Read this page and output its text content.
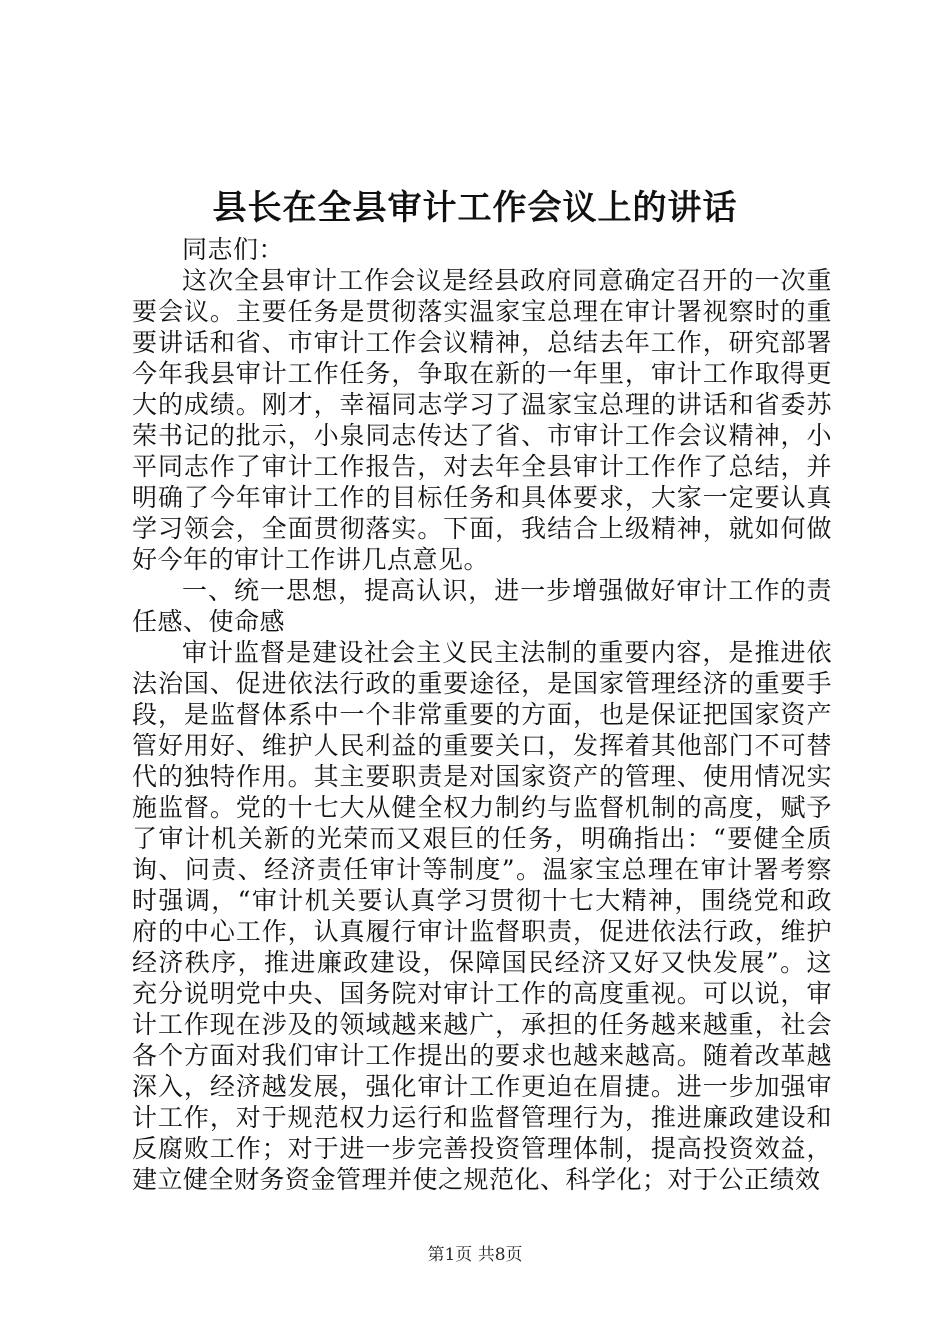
县长在全县审计工作会议上的讲话

同志们：

这次全县审计工作会议是经县政府同意确定召开的一次重要会议。主要任务是贯彻落实温家宝总理在审计署视察时的重要讲话和省、市审计工作会议精神，总结去年工作，研究部署今年我县审计工作任务，争取在新的一年里，审计工作取得更大的成绩。刚才，幸福同志学习了温家宝总理的讲话和省委苏荣书记的批示，小泉同志传达了省、市审计工作会议精神，小平同志作了审计工作报告，对去年全县审计工作作了总结，并明确了今年审计工作的目标任务和具体要求，大家一定要认真学习领会，全面贯彻落实。下面，我结合上级精神，就如何做好今年的审计工作讲几点意见。

一、统一思想，提高认识，进一步增强做好审计工作的责任感、使命感

审计监督是建设社会主义民主法制的重要内容，是推进依法治国、促进依法行政的重要途径，是国家管理经济的重要手段，是监督体系中一个非常重要的方面，也是保证把国家资产管好用好、维护人民利益的重要关口，发挥着其他部门不可替代的独特作用。其主要职责是对国家资产的管理、使用情况实施监督。党的十七大从健全权力制约与监督机制的高度，赋予了审计机关新的光荣而又艰巨的任务，明确指出：“要健全质询、问责、经济责任审计等制度”。温家宝总理在审计署考察时强调，“审计机关要认真学习贯彻十七大精神，围绕党和政府的中心工作，认真履行审计监督职责，促进依法行政，维护经济秩序，推进廉政建设，保障国民经济又好又快发展”。这充分说明党中央、国务院对审计工作的高度重视。可以说，审计工作现在涉及的领域越来越广，承担的任务越来越重，社会各个方面对我们审计工作提出的要求也越来越高。随着改革越深入，经济越发展，强化审计工作更迫在眉捷。进一步加强审计工作，对于规范权力运行和监督管理行为，推进廉政建设和反腐败工作；对于进一步完善投资管理体制，提高投资效益，建立健全财务资金管理并使之规范化、科学化；对于公正绩效

第1页 共8页
